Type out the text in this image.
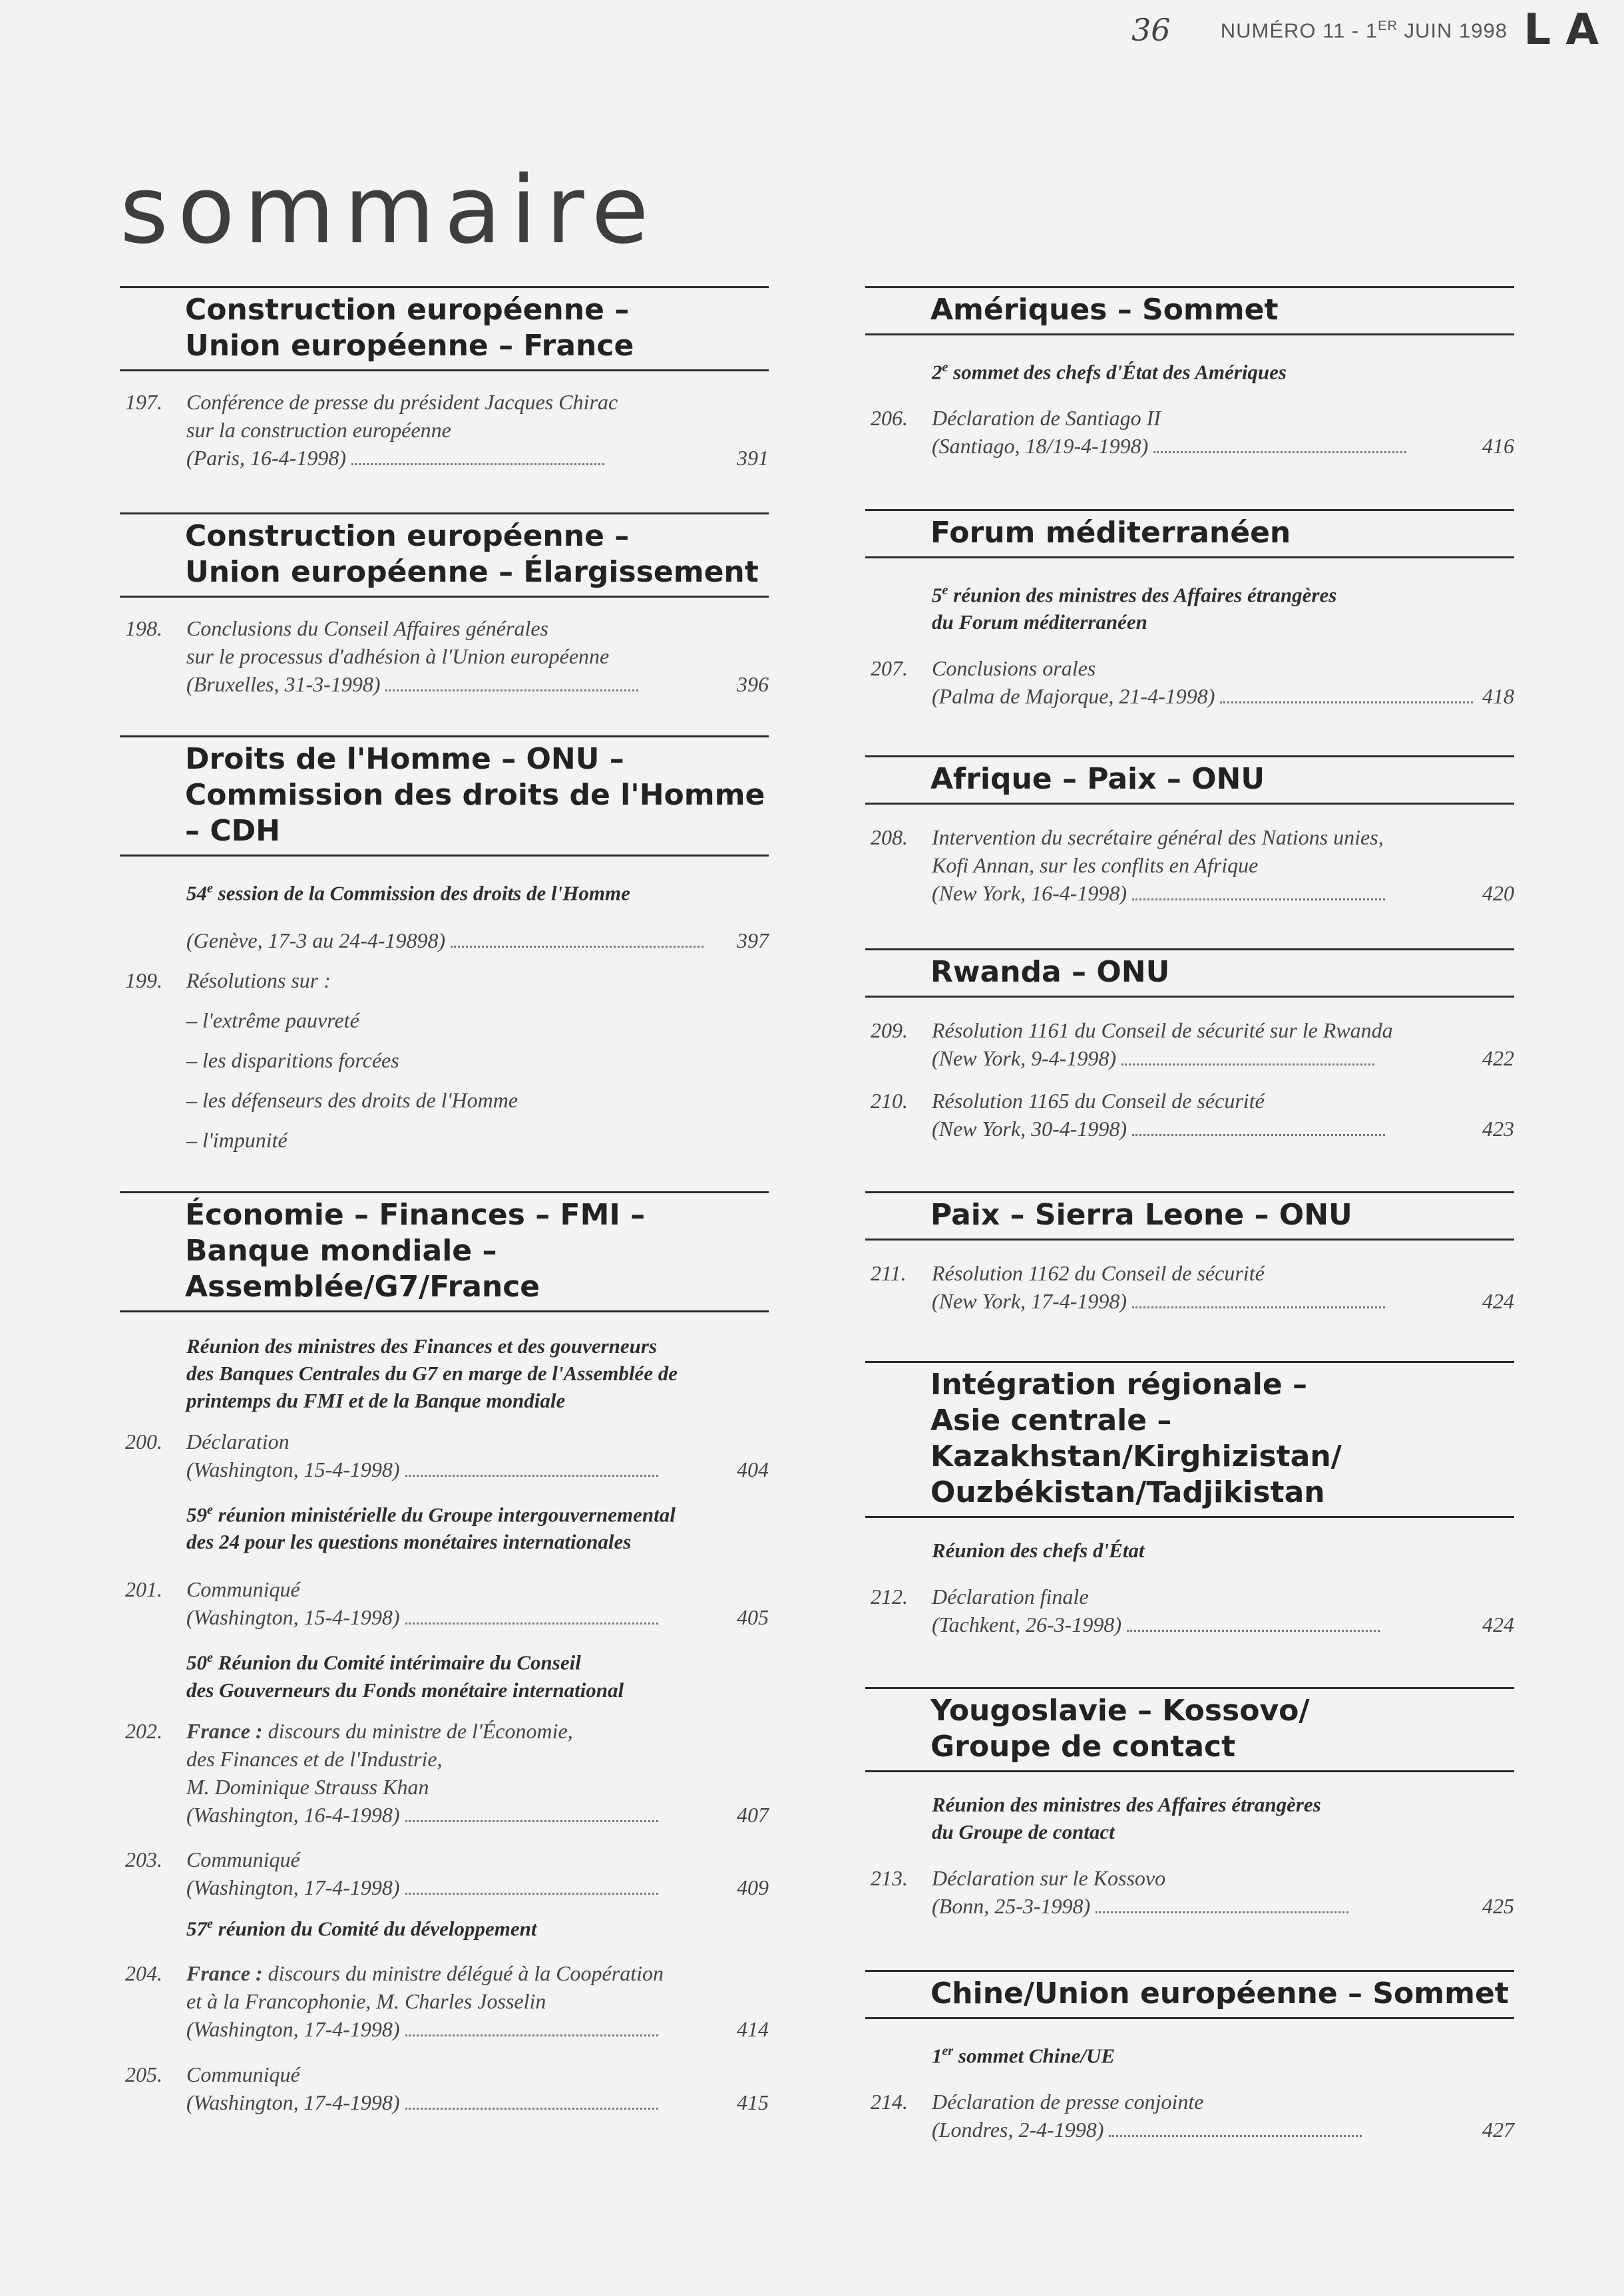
36 NUMÉRO 11 - 1ER JUIN 1998 L A
sommaire
Construction européenne –
Union européenne – France
197. Conférence de presse du président Jacques Chirac
sur la construction européenne
(Paris, 16-4-1998)	391
Construction européenne –
Union européenne – Élargissement
198. Conclusions du Conseil Affaires générales
sur le processus d'adhésion à l'Union européenne
(Bruxelles, 31-3-1998)	396
Droits de l'Homme – ONU –
Commission des droits de l'Homme
– CDH
54e session de la Commission des droits de l'Homme
(Genève, 17-3 au 24-4-19898)	397
199. Résolutions sur :
– l'extrême pauvreté
– les disparitions forcées
– les défenseurs des droits de l'Homme
– l'impunité
Économie – Finances – FMI –
Banque mondiale –
Assemblée/G7/France
Réunion des ministres des Finances et des gouverneurs
des Banques Centrales du G7 en marge de l'Assemblée de
printemps du FMI et de la Banque mondiale
200. Déclaration
(Washington, 15-4-1998)	404
59e réunion ministérielle du Groupe intergouvernemental
des 24 pour les questions monétaires internationales
201. Communiqué
(Washington, 15-4-1998)	405
50e Réunion du Comité intérimaire du Conseil
des Gouverneurs du Fonds monétaire international
202. France : discours du ministre de l'Économie,
des Finances et de l'Industrie,
M. Dominique Strauss Khan
(Washington, 16-4-1998)	407
203. Communiqué
(Washington, 17-4-1998)	409
57e réunion du Comité du développement
204. France : discours du ministre délégué à la Coopération
et à la Francophonie, M. Charles Josselin
(Washington, 17-4-1998)	414
205. Communiqué
(Washington, 17-4-1998)	415
Amériques – Sommet
2e sommet des chefs d'État des Amériques
206. Déclaration de Santiago II
(Santiago, 18/19-4-1998)	416
Forum méditerranéen
5e réunion des ministres des Affaires étrangères
du Forum méditerranéen
207. Conclusions orales
(Palma de Majorque, 21-4-1998)	418
Afrique – Paix – ONU
208. Intervention du secrétaire général des Nations unies,
Kofi Annan, sur les conflits en Afrique
(New York, 16-4-1998)	420
Rwanda – ONU
209. Résolution 1161 du Conseil de sécurité sur le Rwanda
(New York, 9-4-1998)	422
210. Résolution 1165 du Conseil de sécurité
(New York, 30-4-1998)	423
Paix – Sierra Leone – ONU
211. Résolution 1162 du Conseil de sécurité
(New York, 17-4-1998)	424
Intégration régionale –
Asie centrale –
Kazakhstan/Kirghizistan/
Ouzbékistan/Tadjikistan
Réunion des chefs d'État
212. Déclaration finale
(Tachkent, 26-3-1998)	424
Yougoslavie – Kossovo/
Groupe de contact
Réunion des ministres des Affaires étrangères
du Groupe de contact
213. Déclaration sur le Kossovo
(Bonn, 25-3-1998)	425
Chine/Union européenne – Sommet
1er sommet Chine/UE
214. Déclaration de presse conjointe
(Londres, 2-4-1998)	427
